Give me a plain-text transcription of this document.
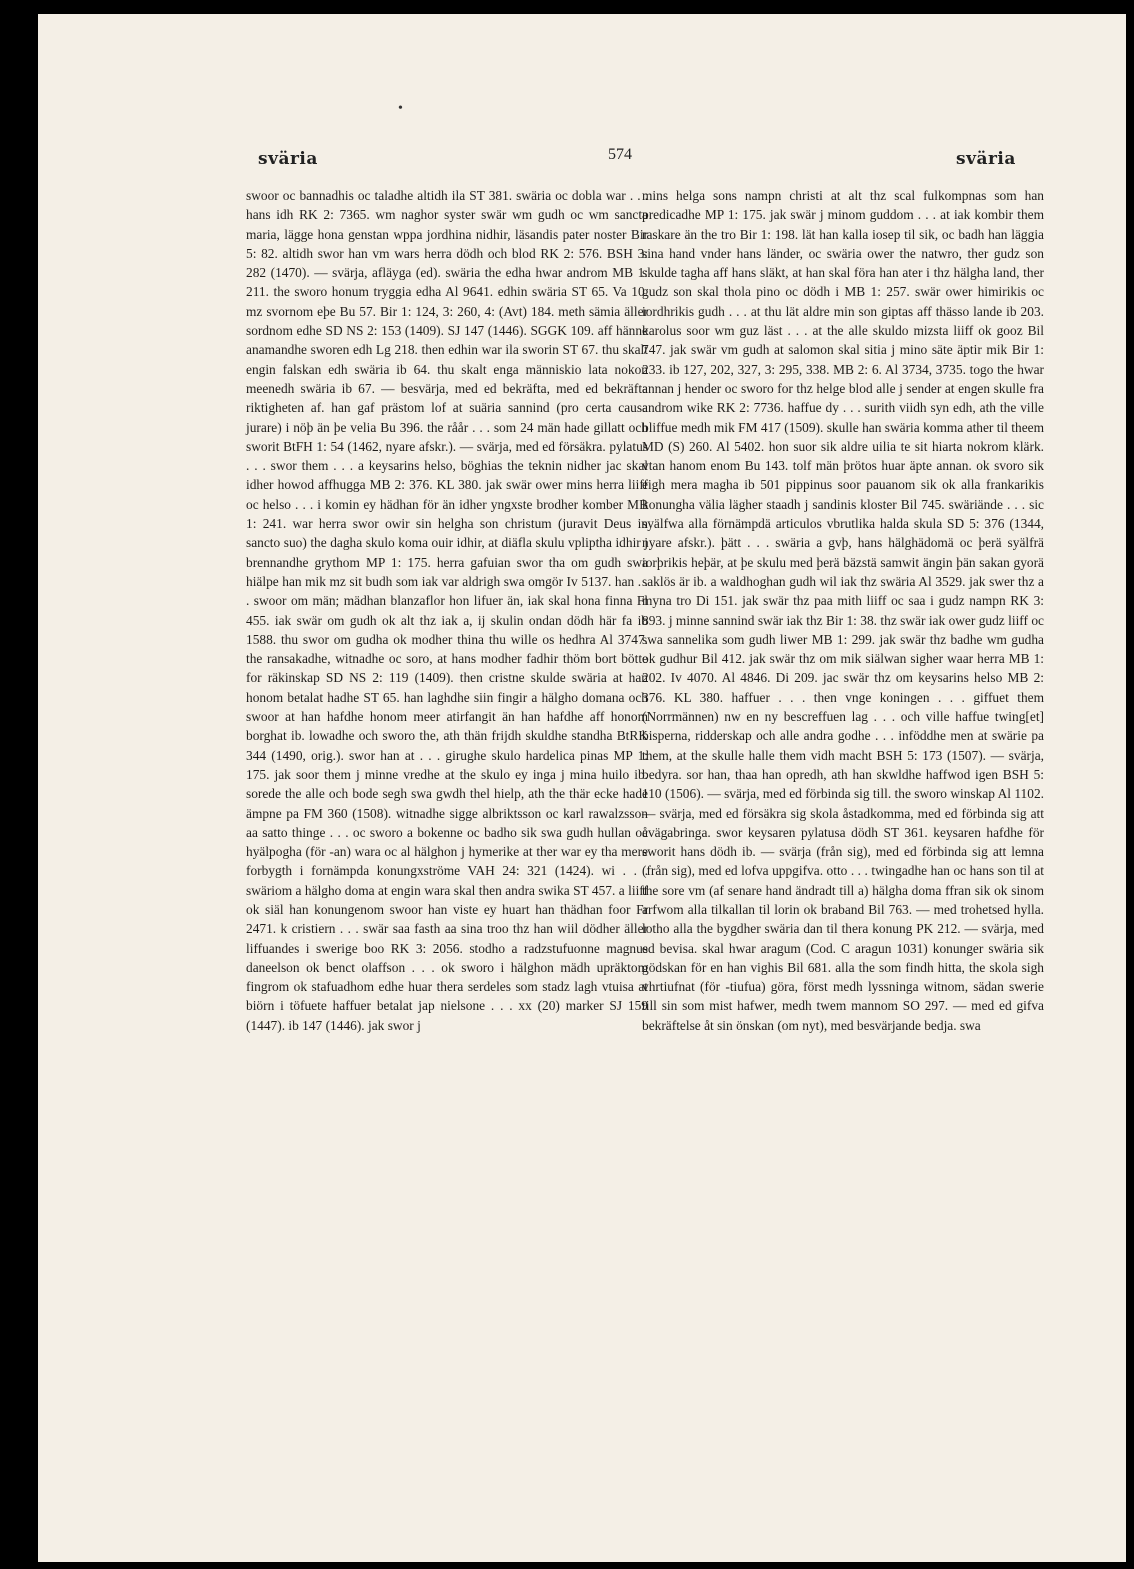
•
sväria	574	sväria
swoor oc bannadhis oc taladhe altidh ila ST 381. swäria oc dobla war . . . hans idh RK 2: 7365. wm naghor syster swär wm gudh oc wm sancta maria, lägge hona genstan wppa jordhina nidhir, läsandis pater noster Bir 5: 82. altidh swor han vm wars herra dödh och blod RK 2: 576. BSH 3: 282 (1470). — svärja, afläyga (ed). swäria the edha hwar androm MB 1: 211. the sworo honum tryggia edha Al 9641. edhin swäria ST 65. Va 10. mz svornom eþe Bu 57. Bir 1: 124, 3: 260, 4: (Avt) 184. meth sämia äller sordnom edhe SD NS 2: 153 (1409). SJ 147 (1446). SGGK 109. aff hänne anamandhe sworen edh Lg 218. then edhin war ila sworin ST 67. thu skalt engin falskan edh swäria ib 64. thu skalt enga människio lata nokon meenedh swäria ib 67. — besvärja, med ed bekräfta, med ed bekräfta riktigheten af. han gaf prästom lof at suäria sannind (pro certa causa jurare) i nöþ än þe velia Bu 396. the råår . . . som 24 män hade gillatt och sworit BtFH 1: 54 (1462, nyare afskr.). — svärja, med ed försäkra. pylatus . . . swor them . . . a keysarins helso, böghias the teknin nidher jac skal idher howod affhugga MB 2: 376. KL 380. jak swär ower mins herra liiff oc helso . . . i komin ey hädhan för än idher yngxste brodher komber MB 1: 241. war herra swor owir sin helgha son christum (juravit Deus in sancto suo) the dagha skulo koma ouir idhir, at diäfla skulu vpliptha idhir j brennandhe grythom MP 1: 175. herra gafuian swor tha om gudh swa hiälpe han mik mz sit budh som iak var aldrigh swa omgör Iv 5137. han . . . swoor om män; mädhan blanzaflor hon lifuer än, iak skal hona finna Fl 455. iak swär om gudh ok alt thz iak a, ij skulin ondan dödh här fa ib 1588. thu swor om gudha ok modher thina thu wille os hedhra Al 3747. the ransakadhe, witnadhe oc soro, at hans modher fadhir thöm bort bötte for räkinskap SD NS 2: 119 (1409). then cristne skulde swäria at han honom betalat hadhe ST 65. han laghdhe siin fingir a hälgho domana och swoor at han hafdhe honom meer atirfangit än han hafdhe aff honom borghat ib. lowadhe och sworo the, ath thän frijdh skuldhe standha BtRK 344 (1490, orig.). swor han at . . . girughe skulo hardelica pinas MP 1: 175. jak soor them j minne vredhe at the skulo ey inga j mina huilo ib. sorede the alle och bode segh swa gwdh thel hielp, ath the thär ecke hade ämpne pa FM 360 (1508). witnadhe sigge albriktsson oc karl rawalzsson aa satto thinge . . . oc sworo a bokenne oc badho sik swa gudh hullan oc hyälpogha (för -an) wara oc al hälghon j hymerike at ther war ey tha mere forbygth i fornämpda konungxströme VAH 24: 321 (1424). wi . . . swäriom a hälgho doma at engin wara skal then andra swika ST 457. a liiff ok siäl han konungenom swoor han viste ey huart han thädhan foor Fr 2471. k cristiern . . . swär saa fasth aa sina troo thz han wiil dödher äller liffuandes i swerige boo RK 3: 2056. stodho a radzstufuonne magnus daneelson ok benct olaffson . . . ok sworo i hälghon mädh upräktom fingrom ok stafuadhom edhe huar thera serdeles som stadz lagh vtuisa at biörn i töfuete haffuer betalat jap nielsone . . . xx (20) marker SJ 159 (1447). ib 147 (1446). jak swor j
mins helga sons nampn christi at alt thz scal fulkompnas som han predicadhe MP 1: 175. jak swär j minom guddom . . . at iak kombir them raskare än the tro Bir 1: 198. lät han kalla iosep til sik, oc badh han läggia sina hand vnder hans länder, oc swäria ower the natwro, ther gudz son skulde tagha aff hans släkt, at han skal föra han ater i thz hälgha land, ther gudz son skal thola pino oc dödh i MB 1: 257. swär ower himirikis oc iordhrikis gudh . . . at thu lät aldre min son giptas aff thässo lande ib 203. karolus soor wm guz läst . . . at the alle skuldo mizsta liiff ok gooz Bil 747. jak swär vm gudh at salomon skal sitia j mino säte äptir mik Bir 1: 233. ib 127, 202, 327, 3: 295, 338. MB 2: 6. Al 3734, 3735. togo the hwar annan j hender oc sworo for thz helge blod alle j sender at engen skulle fra androm wike RK 2: 7736. haffue dy . . . surith viidh syn edh, ath the ville bliffue medh mik FM 417 (1509). skulle han swäria komma ather til theem MD (S) 260. Al 5402. hon suor sik aldre uilia te sit hiarta nokrom klärk. vtan hanom enom Bu 143. tolf män þrötos huar äpte annan. ok svoro sik eigh mera magha ib 501 pippinus soor pauanom sik ok alla frankarikis konungha välia lägher staadh j sandinis kloster Bil 745. swäriände . . . sic syälfwa alla förnämpdä articulos vbrutlika halda skula SD 5: 376 (1344, nyare afskr.). þätt . . . swäria a gvþ, hans hälghädomä oc þerä syälfrä iorþrikis heþär, at þe skulu med þerä bäzstä samwit ängin þän sakan gyorä saklös är ib. a waldhoghan gudh wil iak thz swäria Al 3529. jak swer thz a myna tro Di 151. jak swär thz paa mith liiff oc saa i gudz nampn RK 3: 893. j minne sannind swär iak thz Bir 1: 38. thz swär iak ower gudz liiff oc swa sannelika som gudh liwer MB 1: 299. jak swär thz badhe wm gudha ok gudhur Bil 412. jak swär thz om mik siälwan sigher waar herra MB 1: 202. Iv 4070. Al 4846. Di 209. jac swär thz om keysarins helso MB 2: 376. KL 380. haffuer . . . then vnge koningen . . . giffuet them (Norrmännen) nw en ny bescreffuen lag . . . och ville haffue twing[et] bisperna, ridderskap och alle andra godhe . . . inföddhe men at swärie pa them, at the skulle halle them vidh macht BSH 5: 173 (1507). — svärja, bedyra. sor han, thaa han opredh, ath han skwldhe haffwod igen BSH 5: 110 (1506). — svärja, med ed förbinda sig till. the sworo winskap Al 1102. — svärja, med ed försäkra sig skola åstadkomma, med ed förbinda sig att åvägabringa. swor keysaren pylatusa dödh ST 361. keysaren hafdhe för sworit hans dödh ib. — svärja (från sig), med ed förbinda sig att lemna (från sig), med ed lofva uppgifva. otto . . . twingadhe han oc hans son til at the sore vm (af senare hand ändradt till a) hälgha doma ffran sik ok sinom arfwom alla tilkallan til lorin ok braband Bil 763. — med trohetsed hylla. lotho alla the bygdher swäria dan til thera konung PK 212. — svärja, med ed bevisa. skal hwar aragum (Cod. C aragun 1031) konunger swäria sik gödskan för en han vighis Bil 681. alla the som findh hitta, the skola sigh vhrtiufnat (för -tiufua) göra, först medh lyssninga witnom, sädan swerie till sin som mist hafwer, medh twem mannom SO 297. — med ed gifva bekräftelse åt sin önskan (om nyt), med besvärjande bedja. swa
